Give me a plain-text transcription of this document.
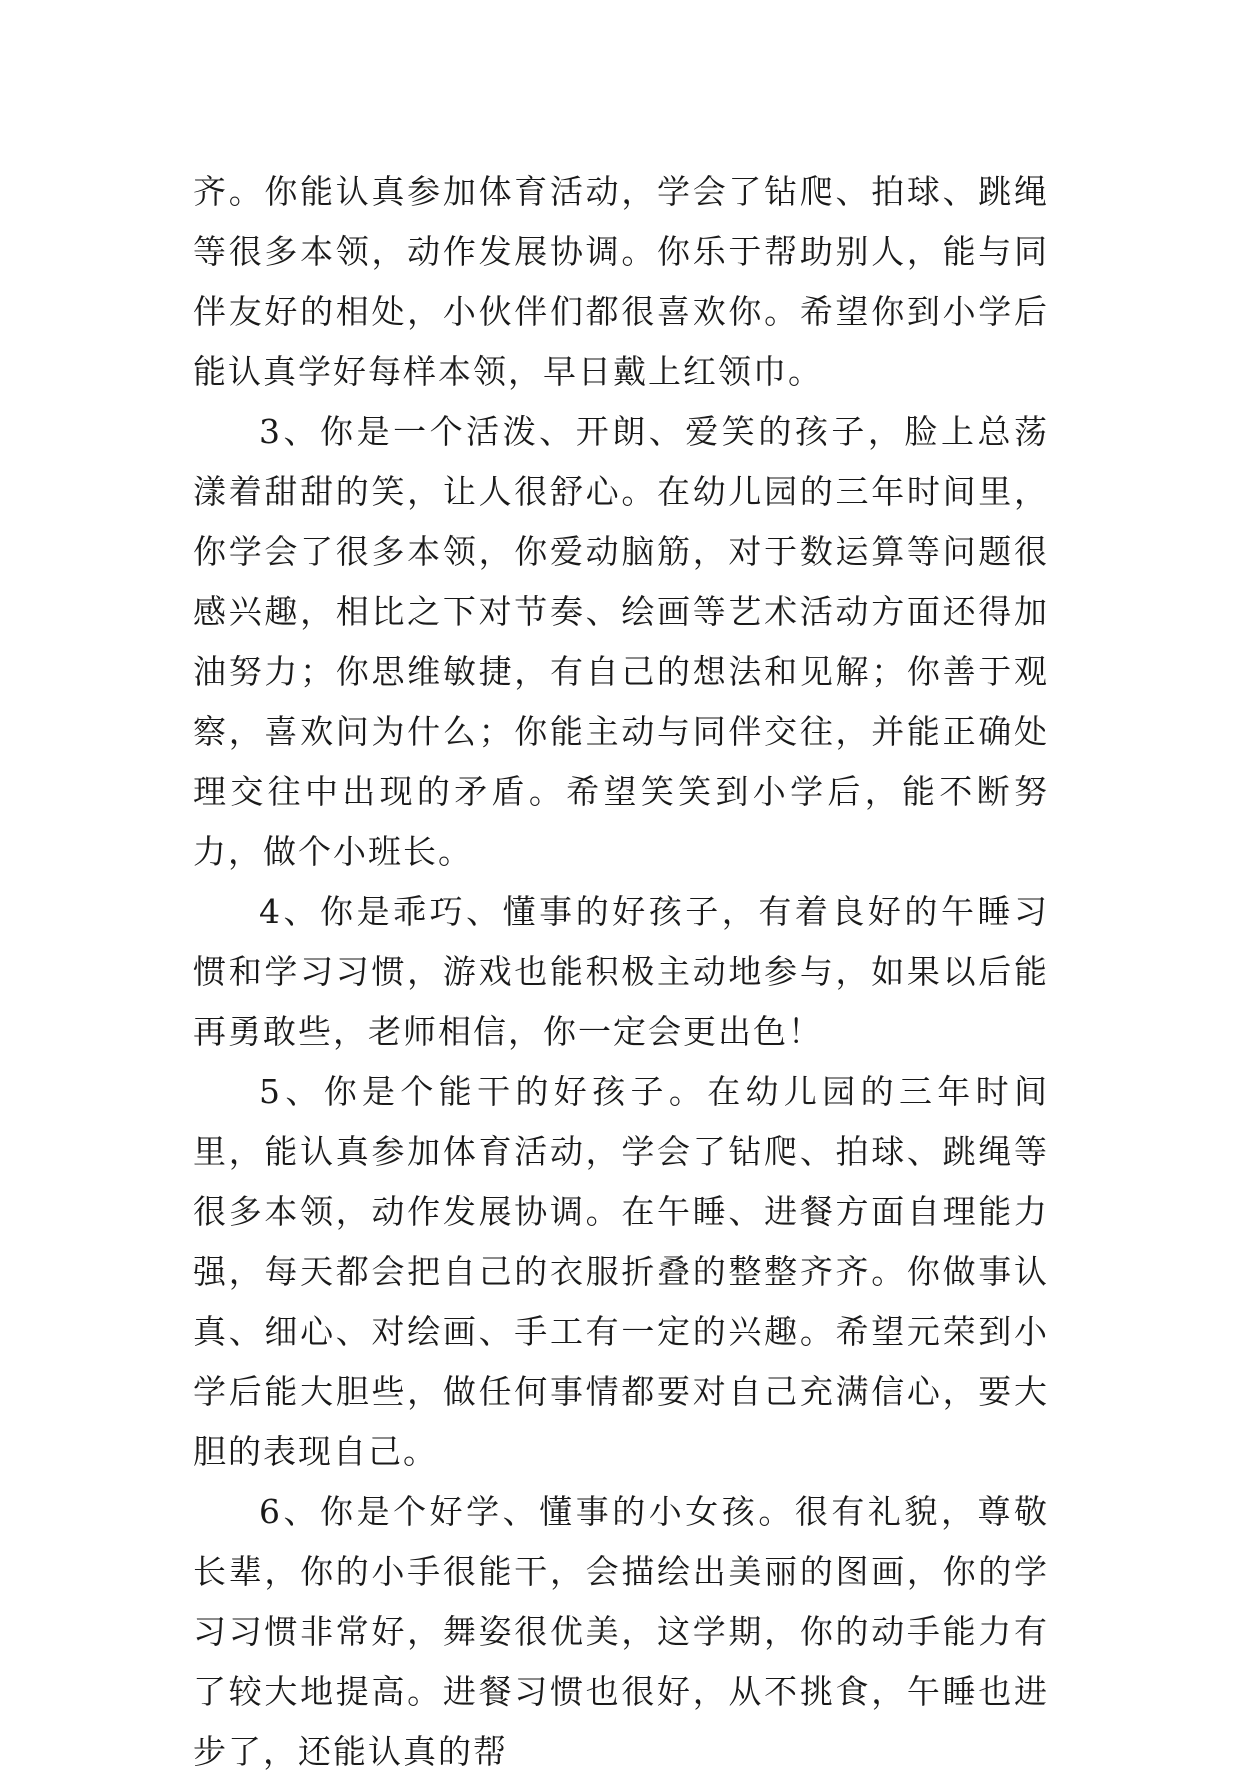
齐。你能认真参加体育活动，学会了钻爬、拍球、跳绳等很多本领，动作发展协调。你乐于帮助别人，能与同伴友好的相处，小伙伴们都很喜欢你。希望你到小学后能认真学好每样本领，早日戴上红领巾。

3、你是一个活泼、开朗、爱笑的孩子，脸上总荡漾着甜甜的笑，让人很舒心。在幼儿园的三年时间里，你学会了很多本领，你爱动脑筋，对于数运算等问题很感兴趣，相比之下对节奏、绘画等艺术活动方面还得加油努力；你思维敏捷，有自己的想法和见解；你善于观察，喜欢问为什么；你能主动与同伴交往，并能正确处理交往中出现的矛盾。希望笑笑到小学后，能不断努力，做个小班长。

4、你是乖巧、懂事的好孩子，有着良好的午睡习惯和学习习惯，游戏也能积极主动地参与，如果以后能再勇敢些，老师相信，你一定会更出色！

5、你是个能干的好孩子。在幼儿园的三年时间里，能认真参加体育活动，学会了钻爬、拍球、跳绳等很多本领，动作发展协调。在午睡、进餐方面自理能力强，每天都会把自己的衣服折叠的整整齐齐。你做事认真、细心、对绘画、手工有一定的兴趣。希望元荣到小学后能大胆些，做任何事情都要对自己充满信心，要大胆的表现自己。

6、你是个好学、懂事的小女孩。很有礼貌，尊敬长辈，你的小手很能干，会描绘出美丽的图画，你的学习习惯非常好，舞姿很优美，这学期，你的动手能力有了较大地提高。进餐习惯也很好，从不挑食，午睡也进步了，还能认真的帮
